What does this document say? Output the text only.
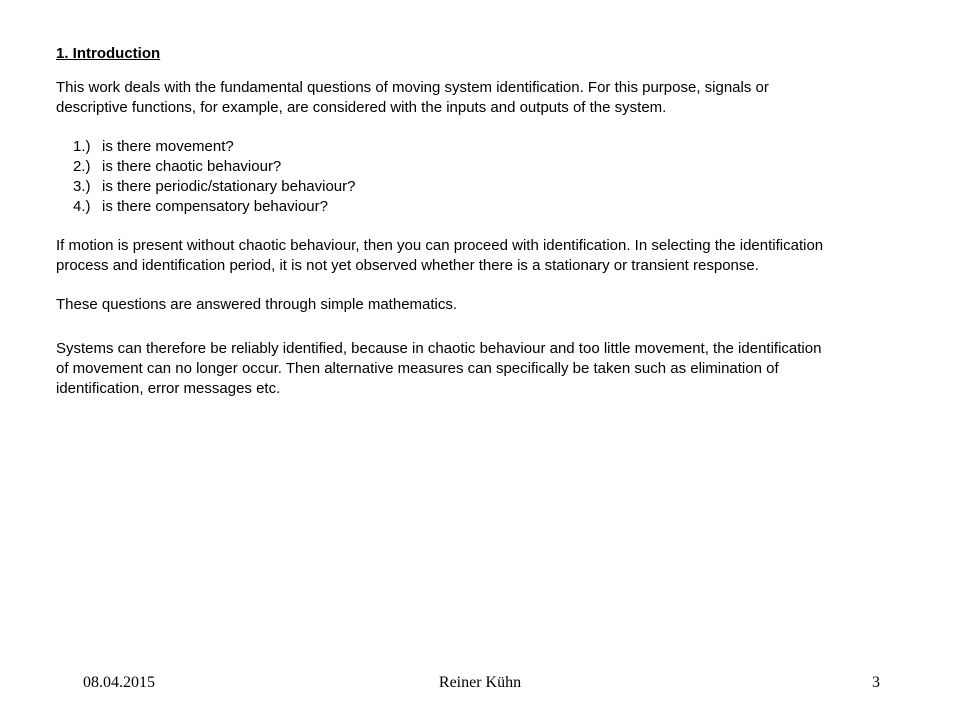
1. Introduction

This work deals with the fundamental questions of moving system identification. For this purpose, signals or descriptive functions, for example, are considered with the inputs and outputs of the system.

1.) is there movement?
2.) is there chaotic behaviour?
3.) is there periodic/stationary behaviour?
4.) is there compensatory behaviour?

If motion is present without chaotic behaviour, then you can proceed with identification. In selecting the identification process and identification period, it is not yet observed whether there is a stationary or transient response.

These questions are answered through simple mathematics.

Systems can therefore be reliably identified, because in chaotic behaviour and too little movement, the identification of movement can no longer occur. Then alternative measures can specifically be taken such as elimination of identification, error messages etc.

08.04.2015	Reiner Kühn	3
